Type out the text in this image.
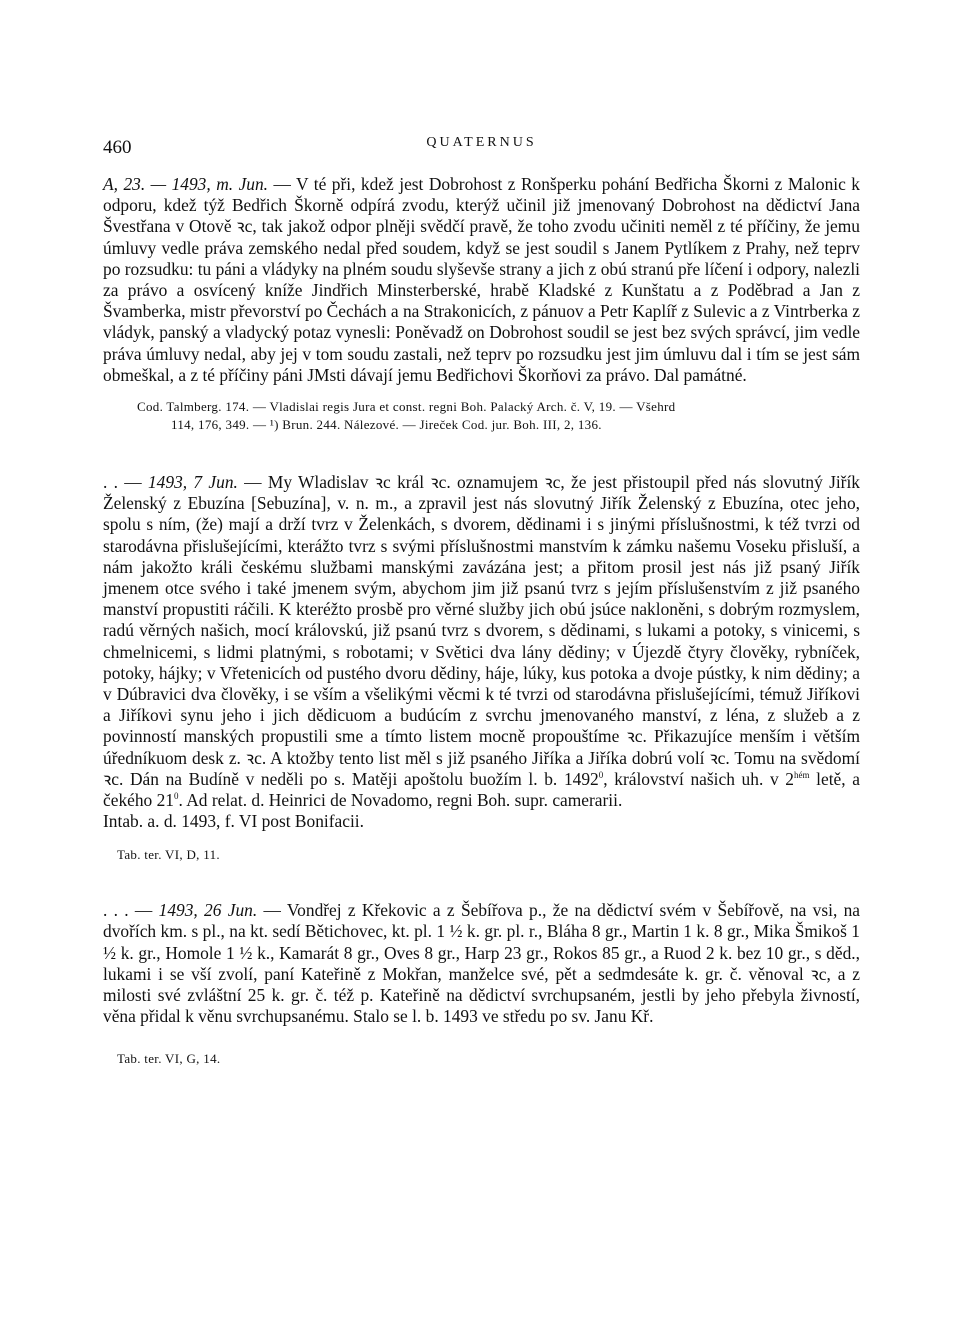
460	QUATERNUS

A, 23. — 1493, m. Jun. — V té při, kdež jest Dobrohost z Ronšperku pohání Bedřicha Škorni z Malonic k odporu, kdež týž Bedřich Škorně odpírá zvodu, kterýž učinil již jmenovaný Dobrohost na dědictví Jana Švestřana v Otově ꝛc, tak jakož odpor plněji svědčí pravě, že toho zvodu učiniti neměl z té příčiny, že jemu úmluvy vedle práva zemského nedal před soudem, když se jest soudil s Janem Pytlíkem z Prahy, než teprv po rozsudku: tu páni a vládyky na plném soudu slyševše strany a jich z obú stranú pře líčení i odpory, nalezli za právo a osvícený kníže Jindřich Minsterberské, hrabě Kladské z Kunštatu a z Poděbrad a Jan z Švamberka, mistr převorství po Čechách a na Strakonicích, z pánuov a Petr Kaplíř z Sulevic a z Vintrberka z vládyk, panský a vladycký potaz vynesli: Poněvadž on Dobrohost soudil se jest bez svých správcí, jim vedle práva úmluvy nedal, aby jej v tom soudu zastali, než teprv po rozsudku jest jim úmluvu dal i tím se jest sám obmeškal, a z té příčiny páni JMsti dávají jemu Bedřichovi Škorňovi za právo. Dal památné.

Cod. Talmberg. 174. — Vladislai regis Jura et const. regni Boh. Palacký Arch. č. V, 19. — Všehrd
114, 176, 349. — ¹) Brun. 244. Nálezové. — Jireček Cod. jur. Boh. III, 2, 136.

. . — 1493, 7 Jun. — My Wladislav ꝛc král ꝛc. oznamujem ꝛc, že jest přistoupil před nás slovutný Jiřík Želenský z Ebuzína [Sebuzína], v. n. m., a zpravil jest nás slovutný Jiřík Želenský z Ebuzína, otec jeho, spolu s ním, (že) mají a drží tvrz v Želenkách, s dvorem, dědinami i s jinými příslušnostmi, k též tvrzi od starodávna přislušejícími, kterážto tvrz s svými příslušnostmi manstvím k zámku našemu Voseku přisluší, a nám jakožto králi českému službami manskými zavázána jest; a přitom prosil jest nás již psaný Jiřík jmenem otce svého i také jmenem svým, abychom jim již psanú tvrz s jejím příslušenstvím z již psaného manství propustiti ráčili. K kteréžto prosbě pro věrné služby jich obú jsúce nakloněni, s dobrým rozmyslem, radú věrných našich, mocí královskú, již psanú tvrz s dvorem, s dědinami, s lukami a potoky, s vinicemi, s chmelnicemi, s lidmi platnými, s robotami; v Světici dva lány dědiny; v Újezdě čtyry člověky, rybníček, potoky, hájky; v Vřetenicích od pustého dvoru dědiny, háje, lúky, kus potoka a dvoje pústky, k nim dědiny; a v Dúbravici dva člověky, i se vším a všelikými věcmi k té tvrzi od starodávna přislušejícími, témuž Jiříkovi a Jiříkovi synu jeho i jich dědicuom a budúcím z svrchu jmenovaného manství, z léna, z služeb a z povinností manských propustili sme a tímto listem mocně propouštíme ꝛc. Přikazujíce menším i větším úředníkuom desk z. ꝛc. A ktožby tento list měl s již psaného Jiříka a Jiříka dobrú volí ꝛc. Tomu na svědomí ꝛc. Dán na Budíně v neděli po s. Matěji apoštolu buožím l. b. 1492$^0$, království našich uh. v $2^{hém}$ letě, a čekého $21^0$. Ad relat. d. Heinrici de Novadomo, regni Boh. supr. camerarii.

Intab. a. d. 1493, f. VI post Bonifacii.

Tab. ter. VI, D, 11.

. . . — 1493, 26 Jun. — Vondřej z Křekovic a z Šebířova p., že na dědictví svém v Šebířově, na vsi, na dvořích km. s pl., na kt. sedí Bětichovec, kt. pl. 1 ½ k. gr. pl. r., Bláha 8 gr., Martin 1 k. 8 gr., Mika Šmikoš 1 ½ k. gr., Homole 1 ½ k., Kamarát 8 gr., Oves 8 gr., Harp 23 gr., Rokos 85 gr., a Ruod 2 k. bez 10 gr., s děd., lukami i se vší zvolí, paní Kateřině z Mokřan, manželce své, pět a sedmdesáte k. gr. č. věnoval ꝛc, a z milosti své zvláštní 25 k. gr. č. též p. Kateřině na dědictví svrchupsaném, jestli by jeho přebyla živností, věna přidal k věnu svrchupsanému. Stalo se l. b. 1493 ve středu po sv. Janu Kř.

Tab. ter. VI, G, 14.
